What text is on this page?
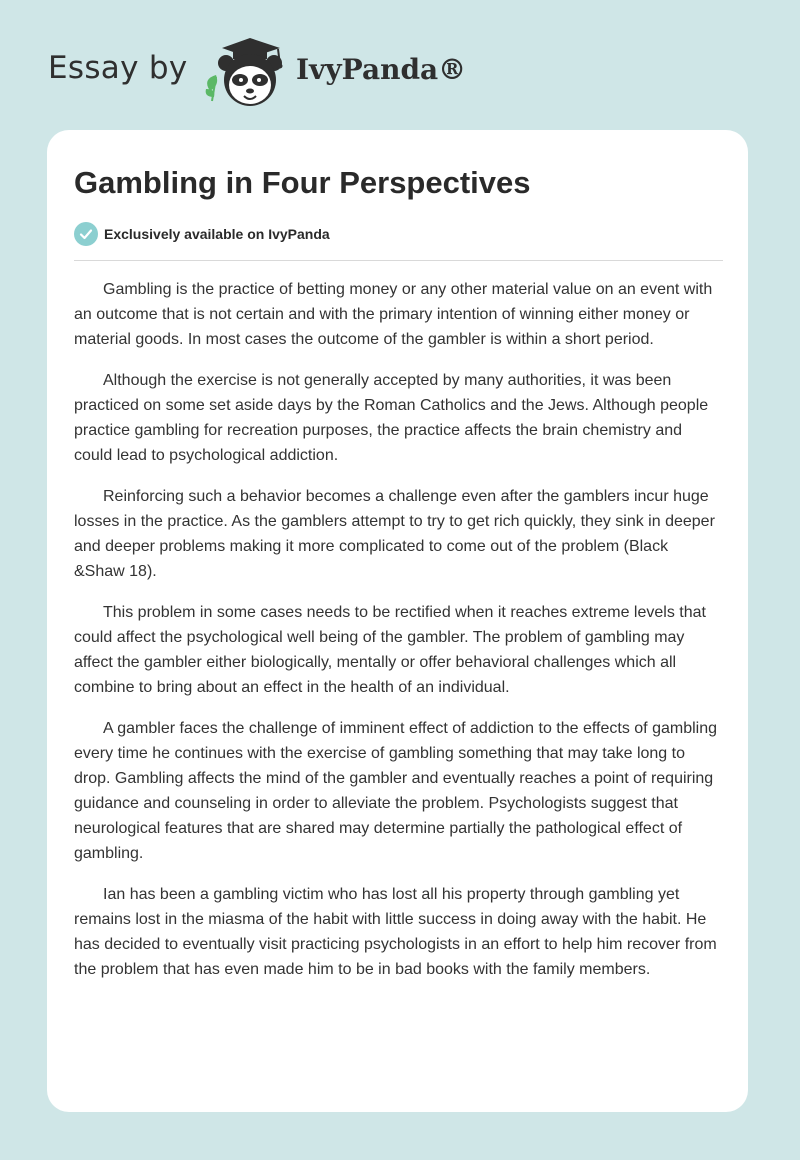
Essay by	IvyPanda®
Gambling in Four Perspectives
Exclusively available on IvyPanda

Gambling is the practice of betting money or any other material value on an event with an outcome that is not certain and with the primary intention of winning either money or material goods. In most cases the outcome of the gambler is within a short period.

Although the exercise is not generally accepted by many authorities, it was been practiced on some set aside days by the Roman Catholics and the Jews. Although people practice gambling for recreation purposes, the practice affects the brain chemistry and could lead to psychological addiction.

Reinforcing such a behavior becomes a challenge even after the gamblers incur huge losses in the practice. As the gamblers attempt to try to get rich quickly, they sink in deeper and deeper problems making it more complicated to come out of the problem (Black &Shaw 18).

This problem in some cases needs to be rectified when it reaches extreme levels that could affect the psychological well being of the gambler. The problem of gambling may affect the gambler either biologically, mentally or offer behavioral challenges which all combine to bring about an effect in the health of an individual.

A gambler faces the challenge of imminent effect of addiction to the effects of gambling every time he continues with the exercise of gambling something that may take long to drop. Gambling affects the mind of the gambler and eventually reaches a point of requiring guidance and counseling in order to alleviate the problem. Psychologists suggest that neurological features that are shared may determine partially the pathological effect of gambling.

Ian has been a gambling victim who has lost all his property through gambling yet remains lost in the miasma of the habit with little success in doing away with the habit. He has decided to eventually visit practicing psychologists in an effort to help him recover from the problem that has even made him to be in bad books with the family members.
